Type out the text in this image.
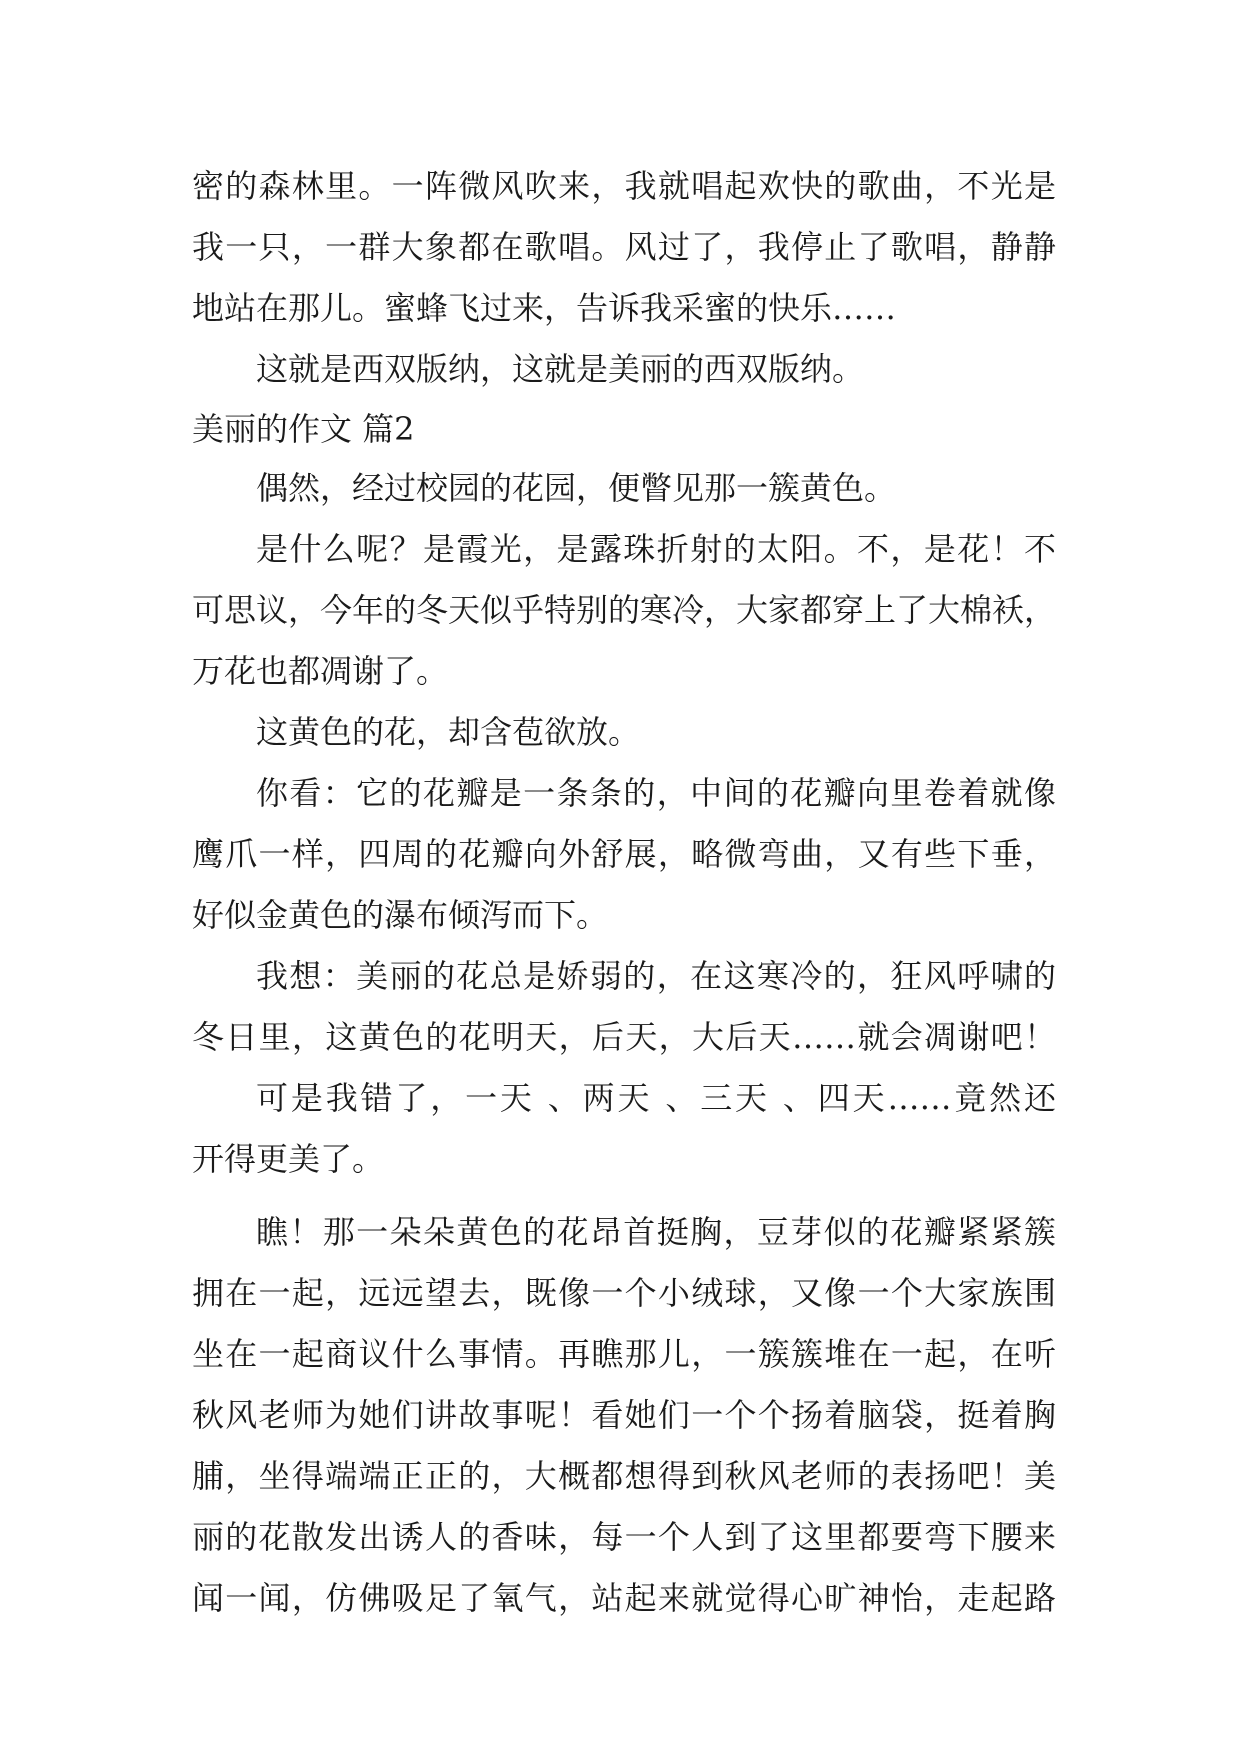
密的森林里。一阵微风吹来，我就唱起欢快的歌曲，不光是
我一只，一群大象都在歌唱。风过了，我停止了歌唱，静静
地站在那儿。蜜蜂飞过来，告诉我采蜜的快乐……
这就是西双版纳，这就是美丽的西双版纳。
美丽的作文 篇2
偶然，经过校园的花园，便瞥见那一簇黄色。
是什么呢？是霞光，是露珠折射的太阳。不，是花！不
可思议，今年的冬天似乎特别的寒冷，大家都穿上了大棉袄，
万花也都凋谢了。
这黄色的花，却含苞欲放。
你看：它的花瓣是一条条的，中间的花瓣向里卷着就像
鹰爪一样，四周的花瓣向外舒展，略微弯曲，又有些下垂，
好似金黄色的瀑布倾泻而下。
我想：美丽的花总是娇弱的，在这寒冷的，狂风呼啸的
冬日里，这黄色的花明天，后天，大后天……就会凋谢吧！
可是我错了，一天 、两天 、三天 、四天……竟然还
开得更美了。
瞧！那一朵朵黄色的花昂首挺胸，豆芽似的花瓣紧紧簇
拥在一起，远远望去，既像一个小绒球，又像一个大家族围
坐在一起商议什么事情。再瞧那儿，一簇簇堆在一起，在听
秋风老师为她们讲故事呢！看她们一个个扬着脑袋，挺着胸
脯，坐得端端正正的，大概都想得到秋风老师的表扬吧！美
丽的花散发出诱人的香味，每一个人到了这里都要弯下腰来
闻一闻，仿佛吸足了氧气，站起来就觉得心旷神怡，走起路
